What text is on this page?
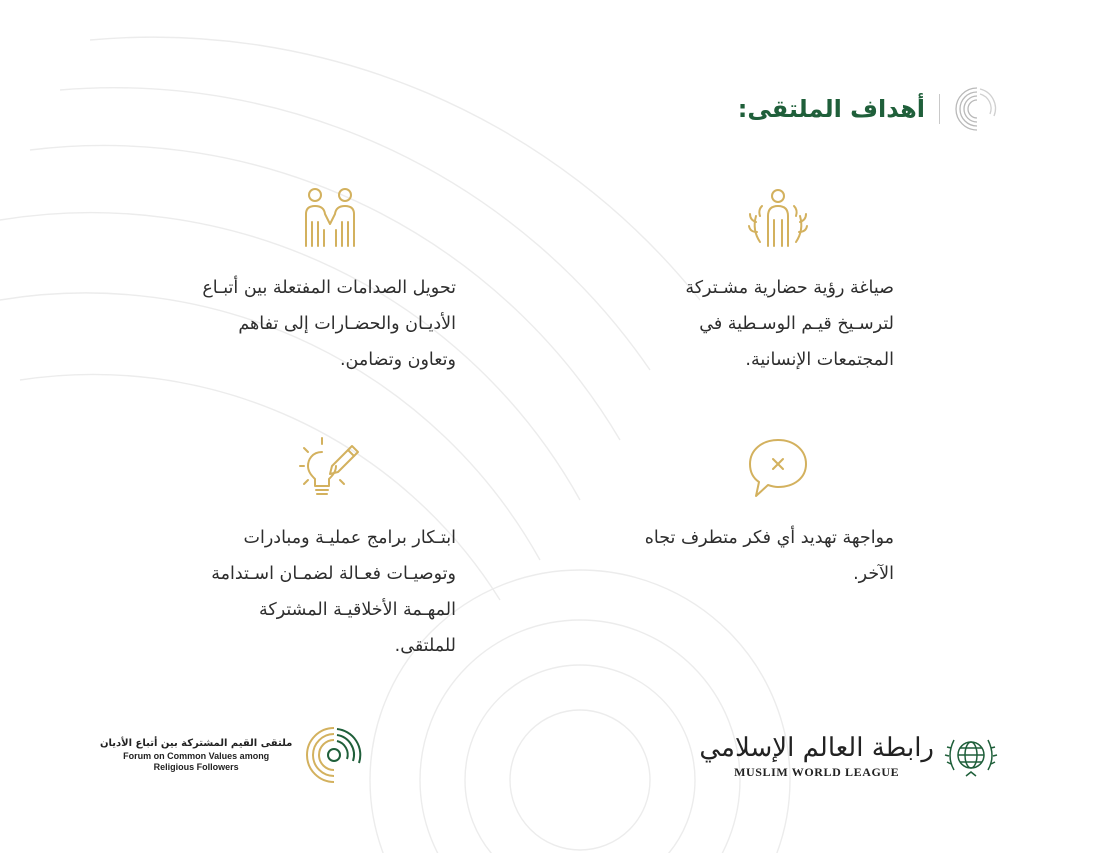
أهداف الملتقى:
صياغة رؤية حضارية مشـتركة لترسـيخ قيـم الوسـطية في المجتمعات الإنسانية.
تحويل الصدامات المفتعلة بين أتبـاع الأديـان والحضـارات إلى تفاهم وتعاون وتضامن.
مواجهة تهديد أي فكر متطرف تجاه الآخر.
ابتـكار برامج عمليـة ومبادرات وتوصيـات فعـالة لضمـان اسـتدامة المهـمة الأخلاقيـة المشتركة للملتقى.
رابطة العالم الإسلامي
MUSLIM WORLD LEAGUE
ملتقى القيم المشتركة بين أتباع الأديان
Forum on Common Values among
Religious Followers
